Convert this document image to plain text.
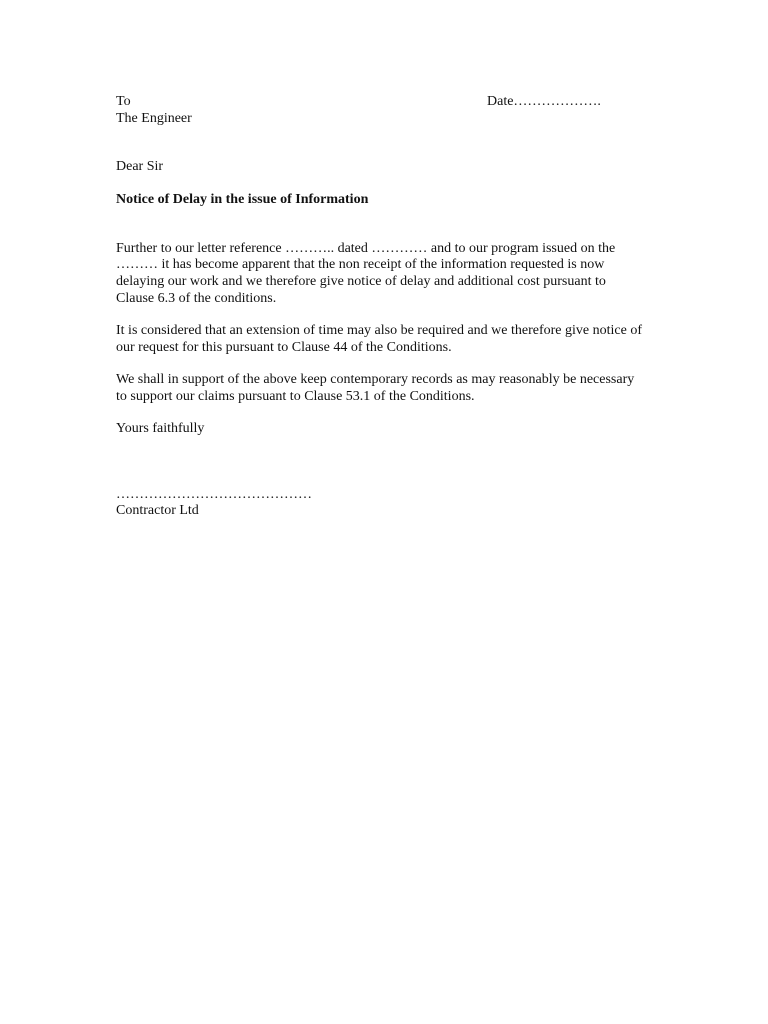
To	Date……………….
The Engineer
Dear Sir
Notice of Delay in the issue of Information
Further to our letter reference ……….. dated ………… and to our program issued on the
……… it has become apparent that the non receipt of the information requested is now
delaying our work and we therefore give notice of delay and additional cost pursuant to
Clause 6.3 of the conditions.
It is considered that an extension of time may also be required and we therefore give notice of
our request for this pursuant to Clause 44 of the Conditions.
We shall in support of the above keep contemporary records as may reasonably be necessary
to support our claims pursuant to Clause 53.1 of the Conditions.
Yours faithfully
……………………………………
Contractor Ltd
